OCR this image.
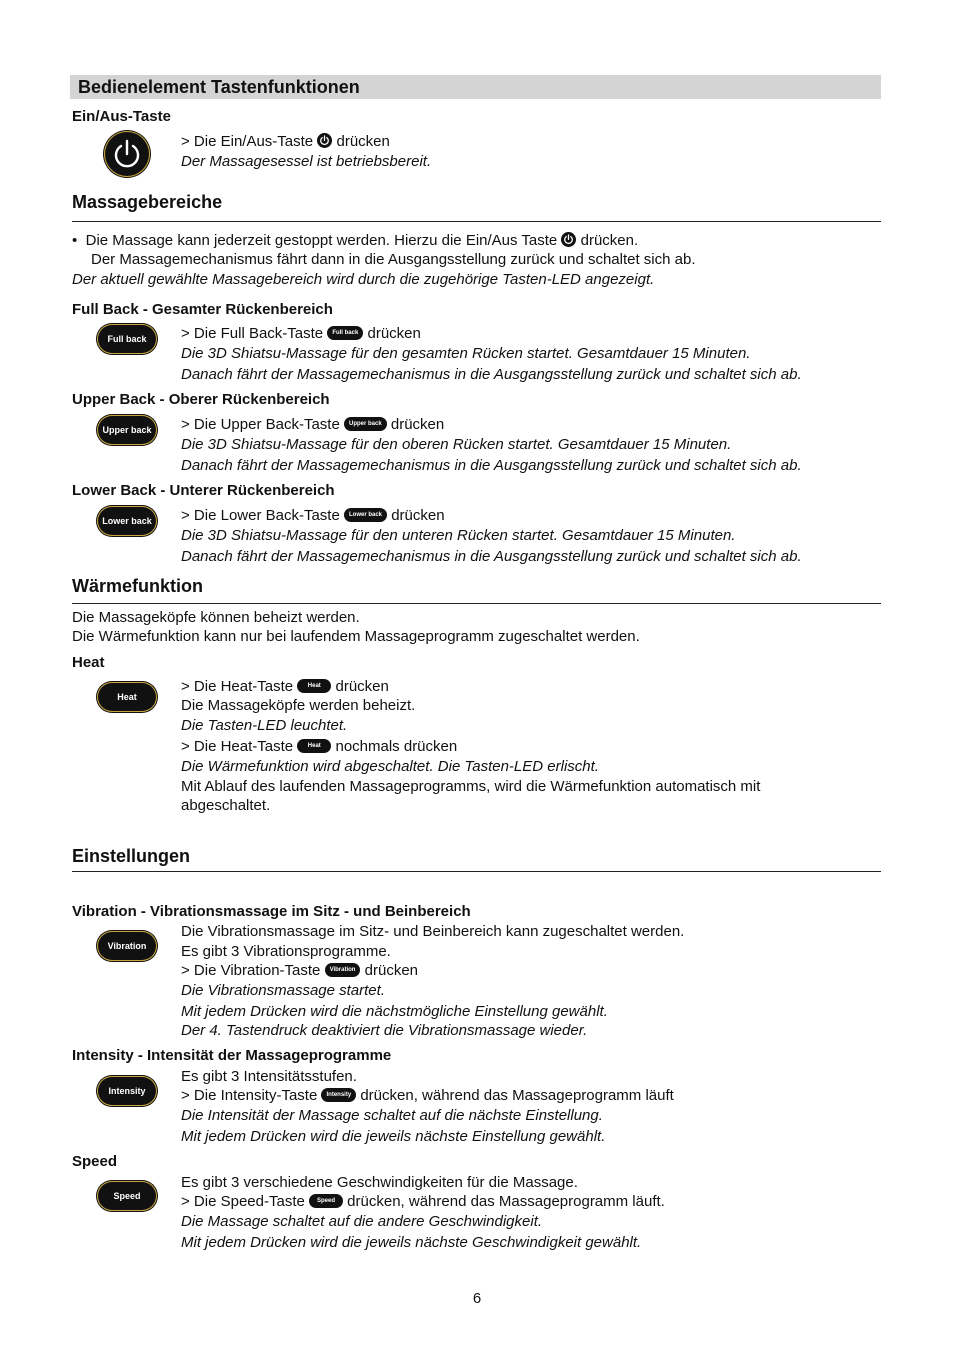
Bedienelement Tastenfunktionen
Ein/Aus-Taste
> Die Ein/Aus-Taste drücken
Der Massagesessel ist betriebsbereit.
Massagebereiche
• Die Massage kann jederzeit gestoppt werden. Hierzu die Ein/Aus Taste drücken.
Der Massagemechanismus fährt dann in die Ausgangsstellung zurück und schaltet sich ab.
Der aktuell gewählte Massagebereich wird durch die zugehörige Tasten-LED angezeigt.
Full Back - Gesamter Rückenbereich
Full back	> Die Full Back-Taste Full back drücken
Die 3D Shiatsu-Massage für den gesamten Rücken startet. Gesamtdauer 15 Minuten.
Danach fährt der Massagemechanismus in die Ausgangsstellung zurück und schaltet sich ab.
Upper Back - Oberer Rückenbereich
Upper back > Die Upper Back-Taste Upper back drücken
Die 3D Shiatsu-Massage für den oberen Rücken startet. Gesamtdauer 15 Minuten.
Danach fährt der Massagemechanismus in die Ausgangsstellung zurück und schaltet sich ab.
Lower Back - Unterer Rückenbereich
Lower back > Die Lower Back-Taste Lower back drücken
Die 3D Shiatsu-Massage für den unteren Rücken startet. Gesamtdauer 15 Minuten.
Danach fährt der Massagemechanismus in die Ausgangsstellung zurück und schaltet sich ab.
Wärmefunktion
Die Massageköpfe können beheizt werden.
Die Wärmefunktion kann nur bei laufendem Massageprogramm zugeschaltet werden.
Heat
Heat
> Die Heat-Taste Heat drücken
Die Massageköpfe werden beheizt.
Die Tasten-LED leuchtet.
> Die Heat-Taste Heat nochmals drücken
Die Wärmefunktion wird abgeschaltet. Die Tasten-LED erlischt.
Mit Ablauf des laufenden Massageprogramms, wird die Wärmefunktion automatisch mit
abgeschaltet.
Einstellungen
Vibration - Vibrationsmassage im Sitz - und Beinbereich
Vibration
Die Vibrationsmassage im Sitz- und Beinbereich kann zugeschaltet werden.
Es gibt 3 Vibrationsprogramme.
> Die Vibration-Taste Vibration drücken
Die Vibrationsmassage startet.
Mit jedem Drücken wird die nächstmögliche Einstellung gewählt.
Der 4. Tastendruck deaktiviert die Vibrationsmassage wieder.
Intensity - Intensität der Massageprogramme
Intensity
Es gibt 3 Intensitätsstufen.
> Die Intensity-Taste Intensity drücken, während das Massageprogramm läuft
Die Intensität der Massage schaltet auf die nächste Einstellung.
Mit jedem Drücken wird die jeweils nächste Einstellung gewählt.
Speed
Speed
Es gibt 3 verschiedene Geschwindigkeiten für die Massage.
> Die Speed-Taste Speed drücken, während das Massageprogramm läuft.
Die Massage schaltet auf die andere Geschwindigkeit.
Mit jedem Drücken wird die jeweils nächste Geschwindigkeit gewählt.
6
